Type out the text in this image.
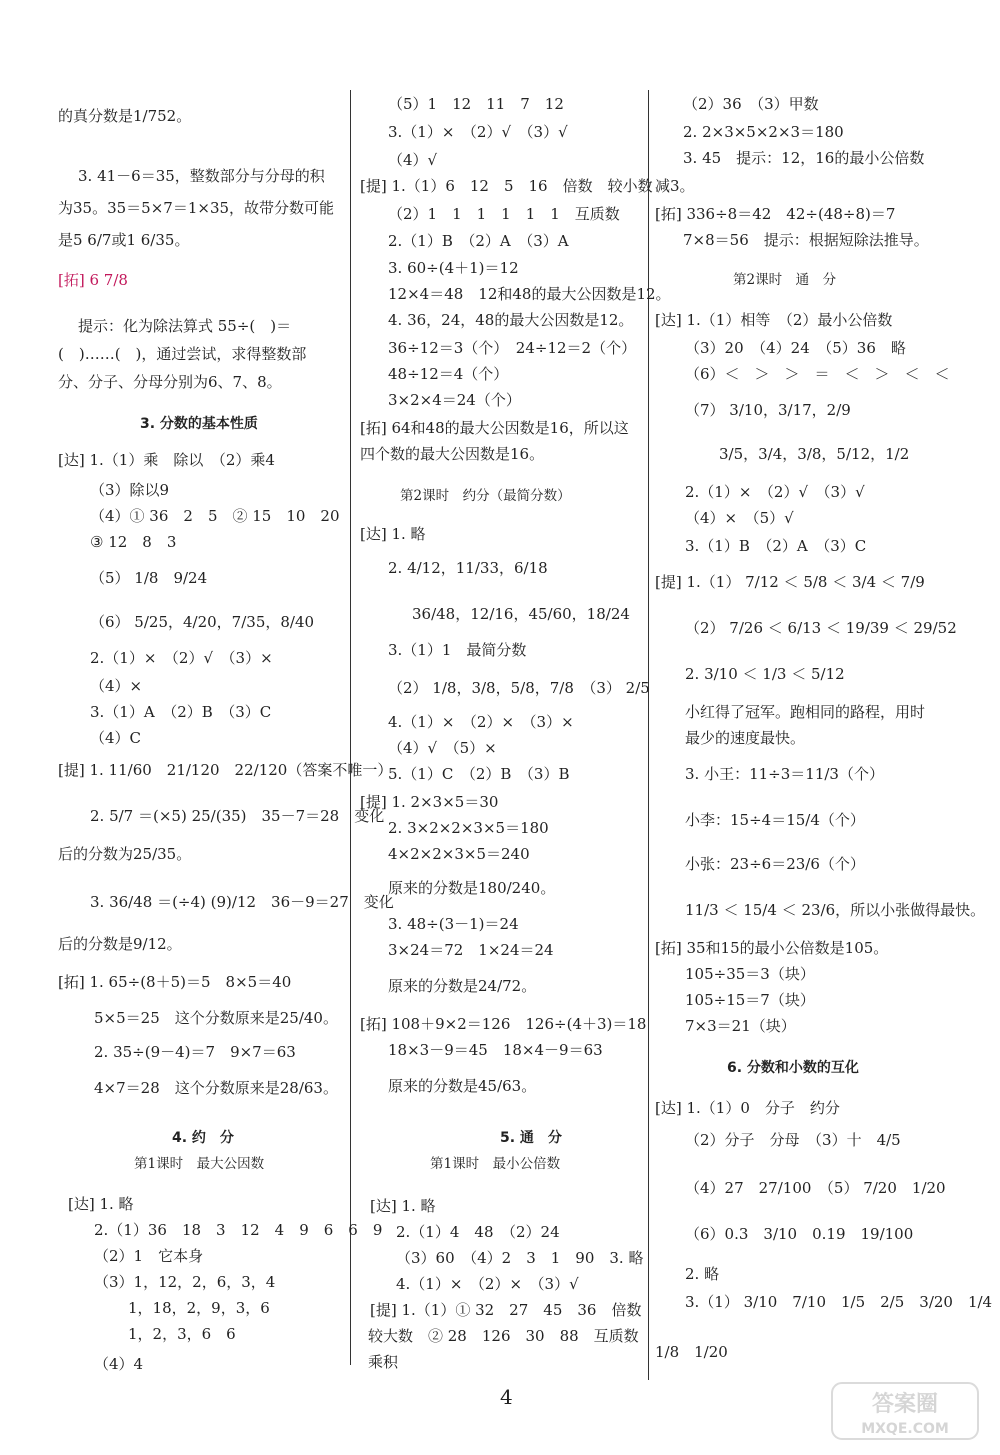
的真分数是1/752。
3. 41－6＝35，整数部分与分母的积
为35。35＝5×7＝1×35，故带分数可能
是5 6/7或1 6/35。
[拓] 6 7/8
提示：化为除法算式 55÷(　)＝
(　)……(　)，通过尝试，求得整数部
分、分子、分母分别为6、7、8。
3. 分数的基本性质
[达] 1.（1）乘　除以　（2）乘4
（3）除以9
（4）① 36　2　5　② 15　10　20
③ 12　8　3
（5） 1/8　9/24
（6） 5/25，4/20，7/35，8/40
2.（1）×　（2）√　（3）×
（4）×
3.（1）A　（2）B　（3）C
（4）C
[提] 1. 11/60　21/120　22/120（答案不唯一）
2. 5/7 ＝(×5) 25/(35)　35－7＝28　变化
后的分数为25/35。
3. 36/48 ＝(÷4) (9)/12　36－9＝27　变化
后的分数是9/12。
[拓] 1. 65÷(8＋5)＝5　8×5＝40
5×5＝25　这个分数原来是25/40。
2. 35÷(9－4)＝7　9×7＝63
4×7＝28　这个分数原来是28/63。
4. 约　分
第1课时　最大公因数
[达] 1. 略
2.（1）36　18　3　12　4　9　6　6　9
（2）1　它本身
（3）1，12，2，6，3，4
1，18，2，9，3，6
1，2，3，6　6
（4）4
（5）1　12　11　7　12
3.（1）×　（2）√　（3）√
（4）√
[提] 1.（1）6　12　5　16　倍数　较小数
（2）1　1　1　1　1　1　互质数
2.（1）B　（2）A　（3）A
3. 60÷(4＋1)＝12
12×4＝48　12和48的最大公因数是12。
4. 36，24，48的最大公因数是12。
36÷12＝3（个）　24÷12＝2（个）
48÷12＝4（个）
3×2×4＝24（个）
[拓] 64和48的最大公因数是16，所以这
四个数的最大公因数是16。
第2课时　约分（最简分数）
[达] 1. 略
2. 4/12，11/33，6/18
36/48，12/16，45/60，18/24
3.（1）1　最简分数
（2） 1/8，3/8，5/8，7/8　（3） 2/5
4.（1）×　（2）×　（3）×
（4）√　（5）×
5.（1）C　（2）B　（3）B
[提] 1. 2×3×5＝30
2. 3×2×2×3×5＝180
4×2×2×3×5＝240
原来的分数是180/240。
3. 48÷(3－1)＝24
3×24＝72　1×24＝24
原来的分数是24/72。
[拓] 108＋9×2＝126　126÷(4＋3)＝18
18×3－9＝45　18×4－9＝63
原来的分数是45/63。
5. 通　分
第1课时　最小公倍数
[达] 1. 略
2.（1）4　48　（2）24
（3）60　（4）2　3　1　90　3. 略
4.（1）×　（2）×　（3）√
[提] 1.（1）① 32　27　45　36　倍数
较大数　② 28　126　30　88　互质数
乘积
（2）36　（3）甲数
2. 2×3×5×2×3＝180
3. 45　提示：12，16的最小公倍数
减3。
[拓] 336÷8＝42　42÷(48÷8)＝7
7×8＝56　提示：根据短除法推导。
第2课时　通　分
[达] 1.（1）相等　（2）最小公倍数
（3）20　（4）24　（5）36　略
（6）＜　＞　＞　＝　＜　＞　＜　＜
（7） 3/10，3/17，2/9
3/5，3/4，3/8，5/12，1/2
2.（1）×　（2）√　（3）√
（4）×　（5）√
3.（1）B　（2）A　（3）C
[提] 1.（1） 7/12 ＜ 5/8 ＜ 3/4 ＜ 7/9
（2） 7/26 ＜ 6/13 ＜ 19/39 ＜ 29/52
2. 3/10 ＜ 1/3 ＜ 5/12
小红得了冠军。跑相同的路程，用时
最少的速度最快。
3. 小王：11÷3＝11/3（个）
小李：15÷4＝15/4（个）
小张：23÷6＝23/6（个）
11/3 ＜ 15/4 ＜ 23/6，所以小张做得最快。
[拓] 35和15的最小公倍数是105。
105÷35＝3（块）
105÷15＝7（块）
7×3＝21（块）
6. 分数和小数的互化
[达] 1.（1）0　分子　约分
（2）分子　分母　（3）十　4/5
（4）27　27/100　（5） 7/20　1/20
（6）0.3　3/10　0.19　19/100
2. 略
3.（1） 3/10　7/10　1/5　2/5　3/20　1/4
1/8　1/20
4	答案圈
MXQE.COM
